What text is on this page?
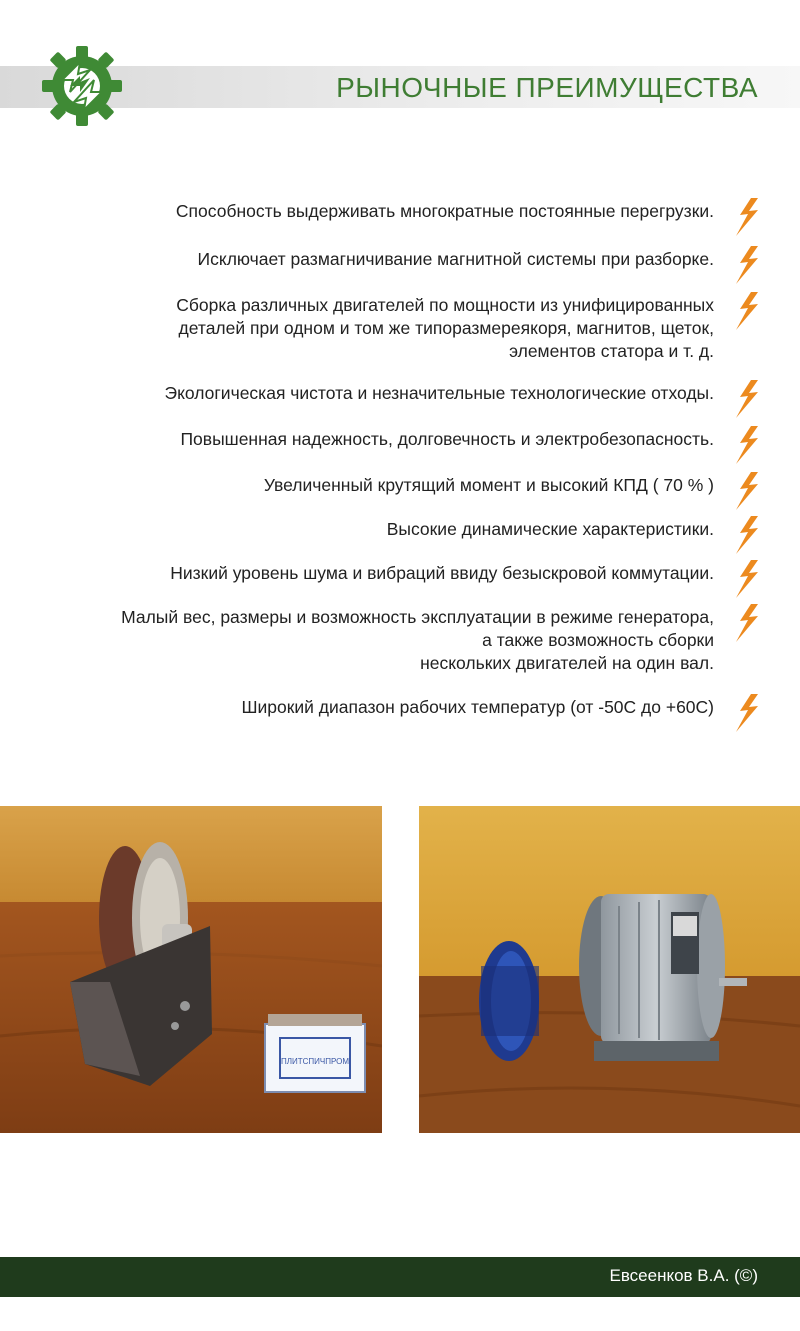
РЫНОЧНЫЕ ПРЕИМУЩЕСТВА
Способность выдерживать многократные постоянные перегрузки.
Исключает размагничивание магнитной системы при разборке.
Сборка различных двигателей по мощности из унифицированных
деталей при одном и том же типоразмереякоря, магнитов, щеток,
элементов статора и т. д.
Экологическая чистота и незначительные технологические отходы.
Повышенная надежность, долговечность и электробезопасность.
Увеличенный крутящий момент и высокий КПД ( 70 % )
Высокие динамические характеристики.
Низкий уровень шума и вибраций ввиду безыскровой коммутации.
Малый вес, размеры и возможность эксплуатации в режиме генератора,
а также возможность сборки
нескольких двигателей на один вал.
Широкий диапазон рабочих температур (от -50С до +60С)
ПЛИТСПИЧПРОМ
Евсеенков В.А. (©)
